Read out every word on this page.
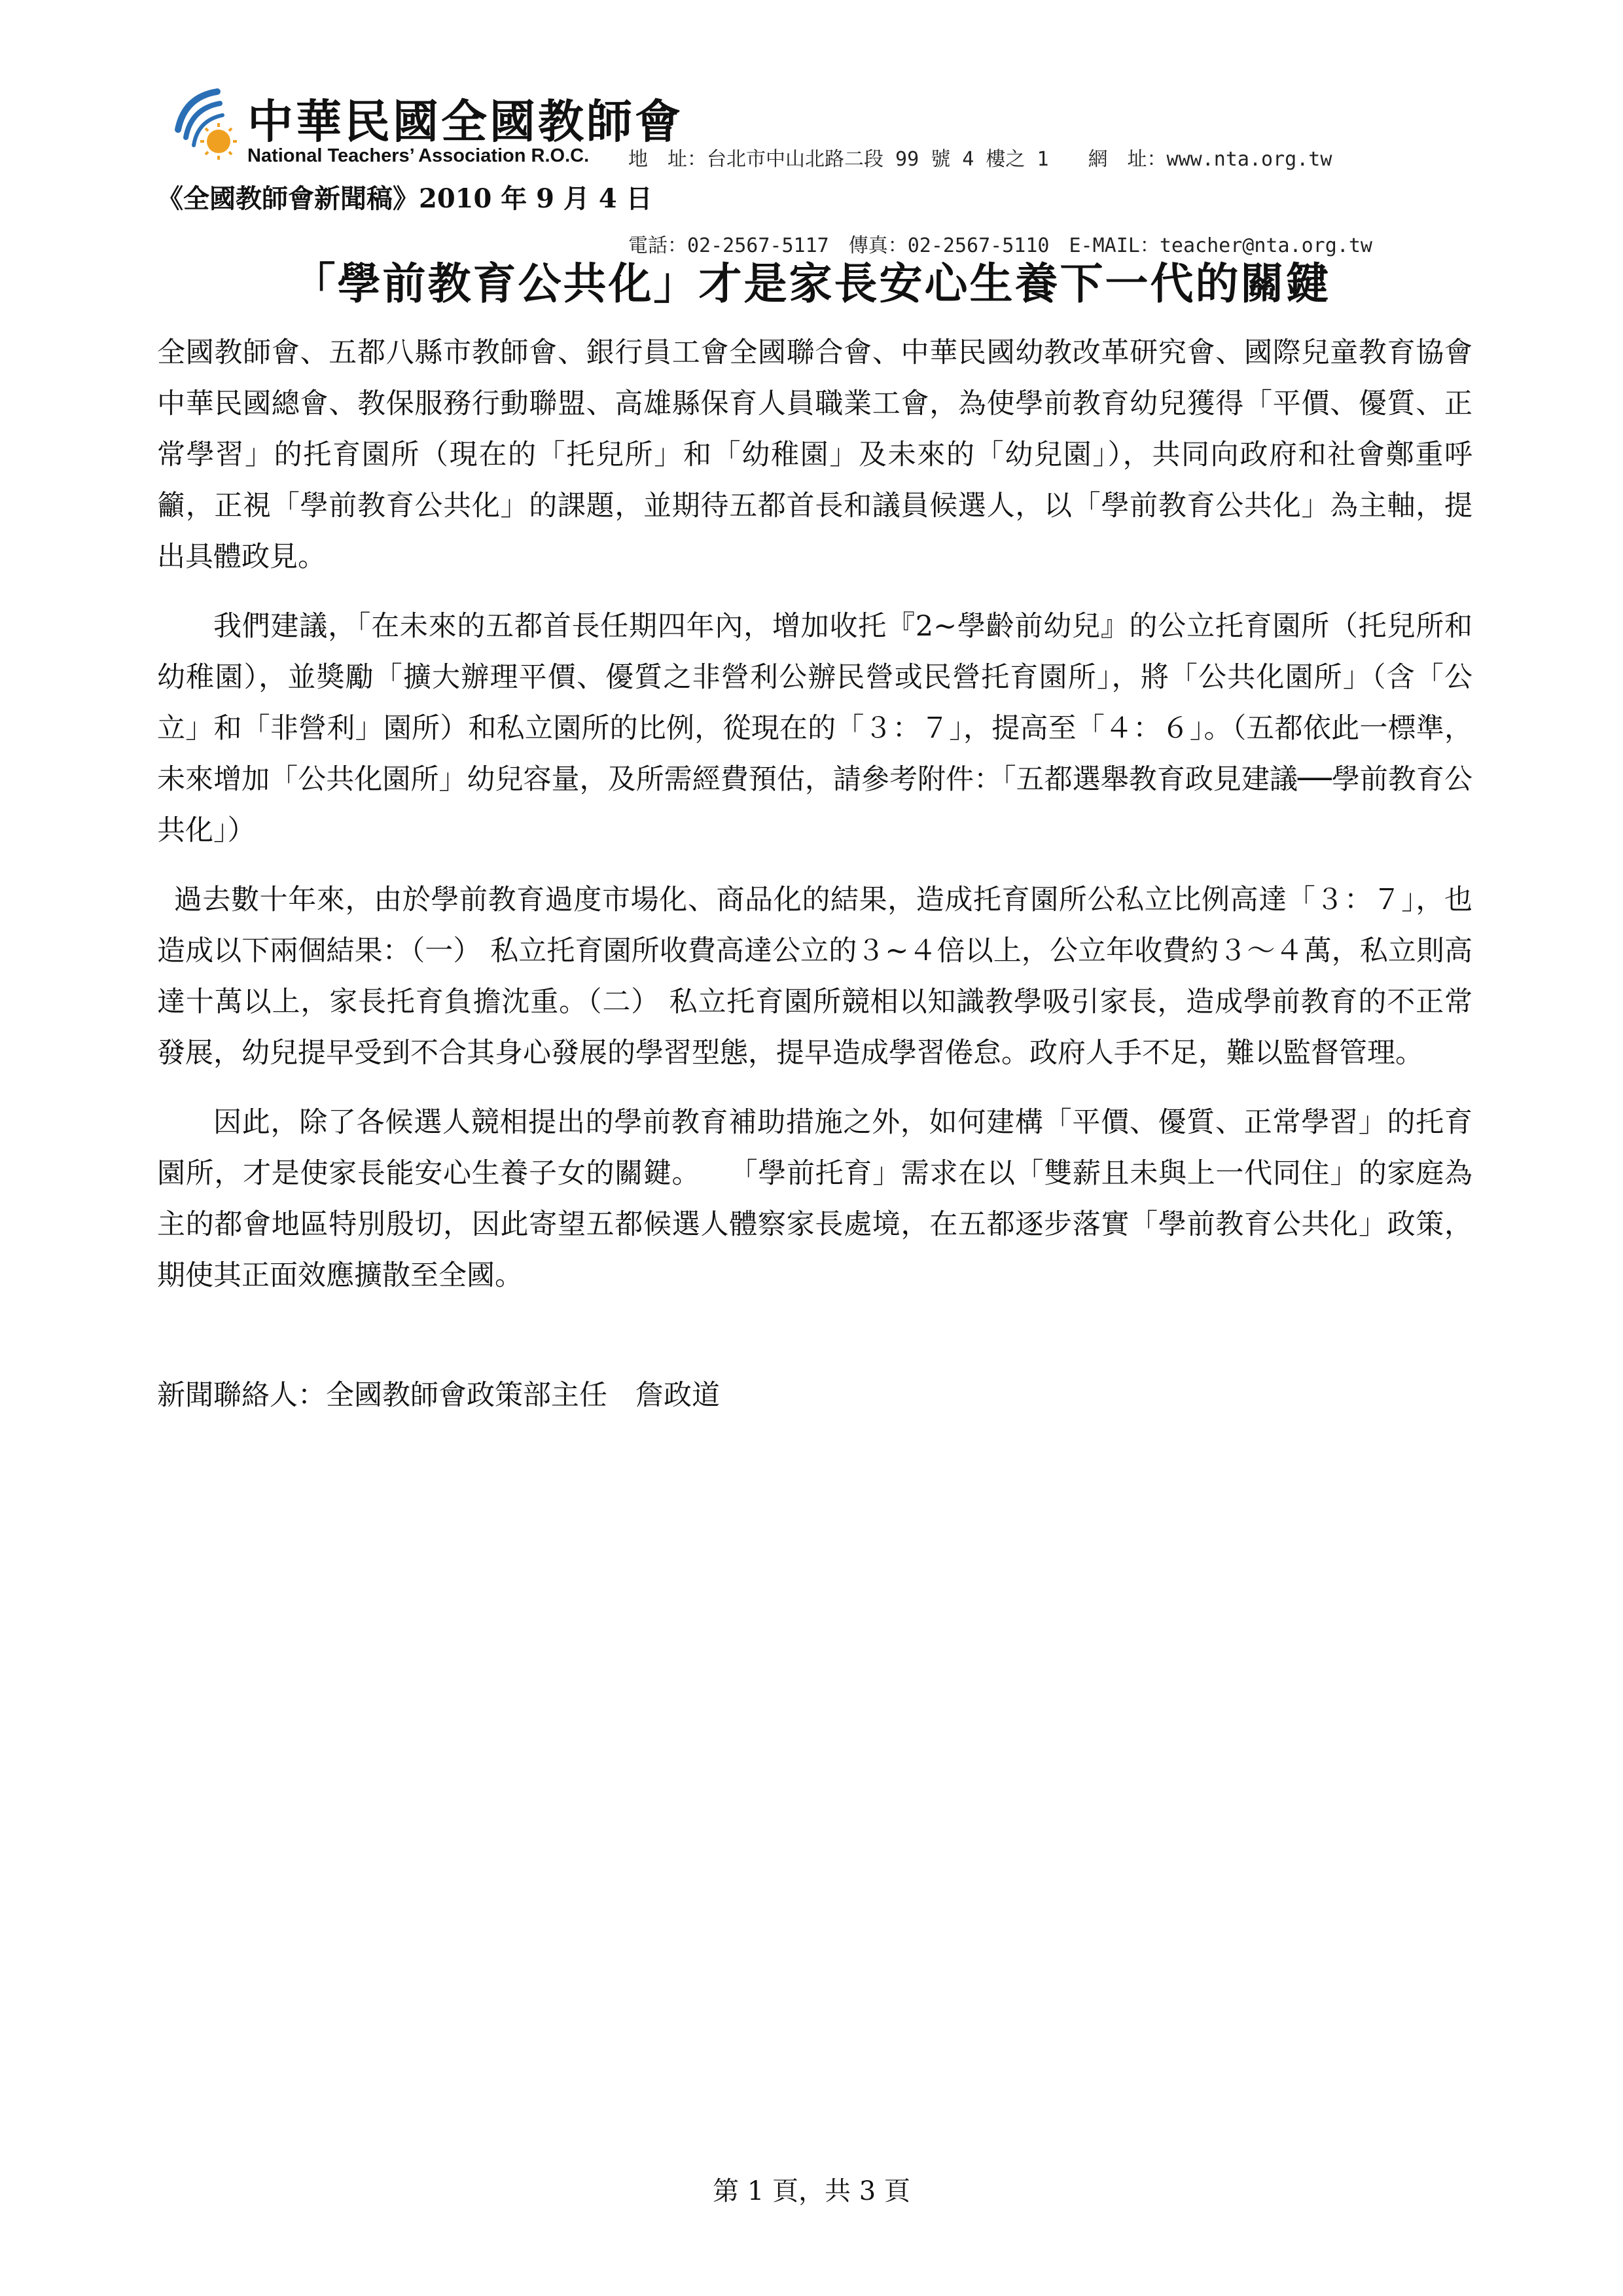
中華民國全國教師會
National Teachers’ Association R.O.C.

地　址：台北市中山北路二段 99 號 4 樓之 1　　 網　址：www.nta.org.tw

電話：02-2567-5117　傳真：02-2567-5110　 E-MAIL：teacher@nta.org.tw

《全國教師會新聞稿》2010 年 9 月 4 日
「學前教育公共化」才是家長安心生養下一代的關鍵

全國教師會、五都八縣市教師會、銀行員工會全國聯合會、中華民國幼教改革研究會、國際兒童教育協會中華民國總會、教保服務行動聯盟、高雄縣保育人員職業工會，為使學前教育幼兒獲得「平價、優質、正常學習」的托育園所（現在的「托兒所」和「幼稚園」及未來的「幼兒園」），共同向政府和社會鄭重呼籲，正視「學前教育公共化」的課題，並期待五都首長和議員候選人，以「學前教育公共化」為主軸，提出具體政見。

我們建議，「在未來的五都首長任期四年內，增加收托『2~學齡前幼兒』的公立托育園所（托兒所和幼稚園），並獎勵「擴大辦理平價、優質之非營利公辦民營或民營托育園所」，將「公共化園所」（含「公立」和「非營利」園所）和私立園所的比例，從現在的「３：７」，提高至「４：６」。（五都依此一標準，未來增加「公共化園所」幼兒容量，及所需經費預估，請參考附件：「五都選舉教育政見建議──學前教育公共化」）

過去數十年來，由於學前教育過度市場化、商品化的結果，造成托育園所公私立比例高達「３：７」，也造成以下兩個結果：（一） 私立托育園所收費高達公立的３~４倍以上，公立年收費約３～４萬，私立則高達十萬以上，家長托育負擔沈重。（二） 私立托育園所競相以知識教學吸引家長，造成學前教育的不正常發展，幼兒提早受到不合其身心發展的學習型態，提早造成學習倦怠。政府人手不足，難以監督管理。

因此，除了各候選人競相提出的學前教育補助措施之外，如何建構「平價、優質、正常學習」的托育園所，才是使家長能安心生養子女的關鍵。　　「學前托育」需求在以「雙薪且未與上一代同住」的家庭為主的都會地區特別殷切，因此寄望五都候選人體察家長處境，在五都逐步落實「學前教育公共化」政策，期使其正面效應擴散至全國。

新聞聯絡人：全國教師會政策部主任　詹政道
第 1 頁，共 3 頁
